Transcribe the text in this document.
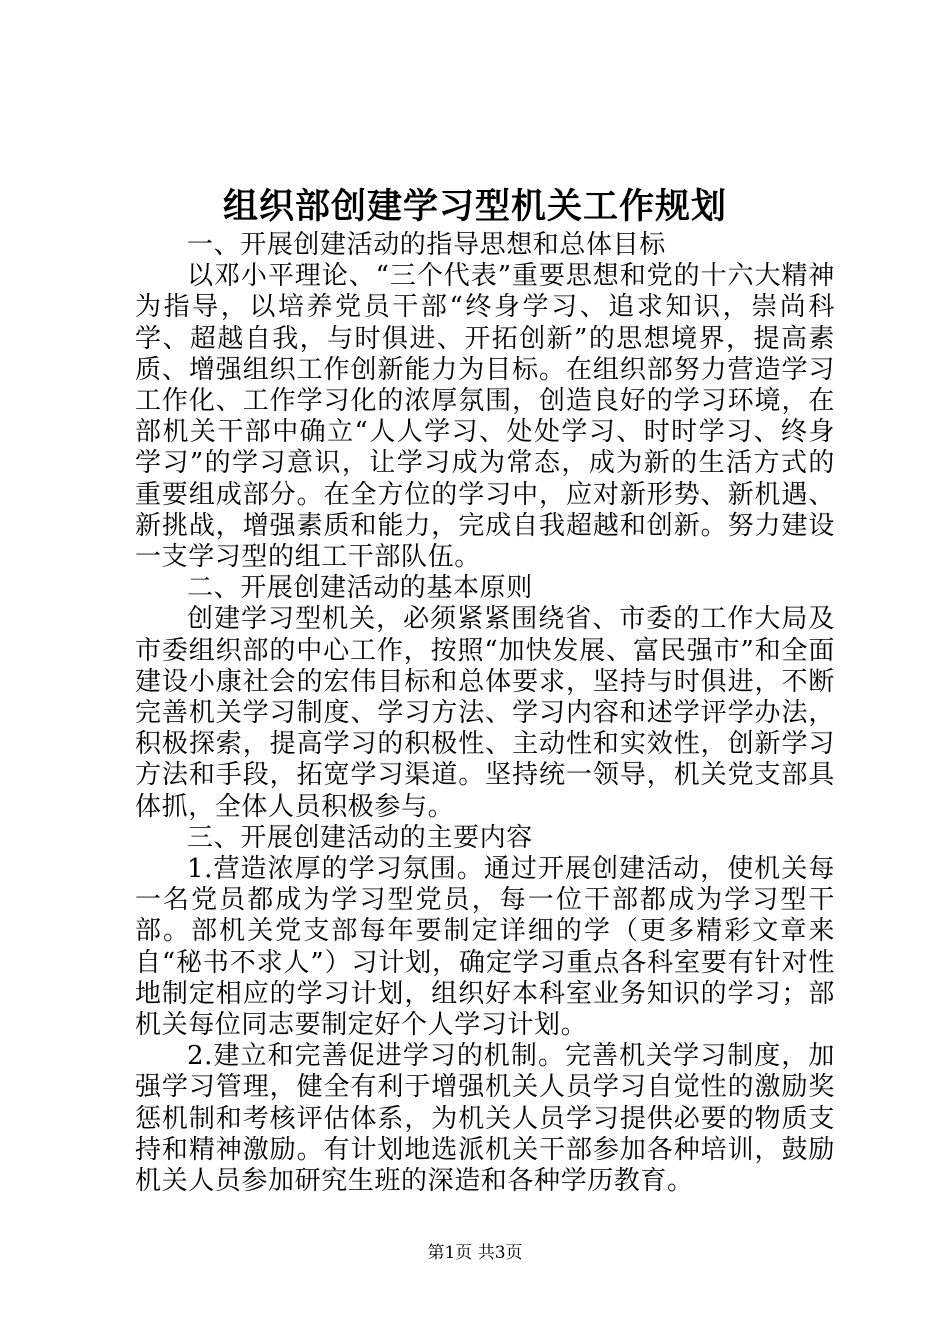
组织部创建学习型机关工作规划

一、开展创建活动的指导思想和总体目标

以邓小平理论、“三个代表”重要思想和党的十六大精神为指导，以培养党员干部“终身学习、追求知识，崇尚科学、超越自我，与时俱进、开拓创新”的思想境界，提高素质、增强组织工作创新能力为目标。在组织部努力营造学习工作化、工作学习化的浓厚氛围，创造良好的学习环境，在部机关干部中确立“人人学习、处处学习、时时学习、终身学习”的学习意识，让学习成为常态，成为新的生活方式的重要组成部分。在全方位的学习中，应对新形势、新机遇、新挑战，增强素质和能力，完成自我超越和创新。努力建设一支学习型的组工干部队伍。

二、开展创建活动的基本原则

创建学习型机关，必须紧紧围绕省、市委的工作大局及市委组织部的中心工作，按照“加快发展、富民强市”和全面建设小康社会的宏伟目标和总体要求，坚持与时俱进，不断完善机关学习制度、学习方法、学习内容和述学评学办法，积极探索，提高学习的积极性、主动性和实效性，创新学习方法和手段，拓宽学习渠道。坚持统一领导，机关党支部具体抓，全体人员积极参与。

三、开展创建活动的主要内容

1.营造浓厚的学习氛围。通过开展创建活动，使机关每一名党员都成为学习型党员，每一位干部都成为学习型干部。部机关党支部每年要制定详细的学（更多精彩文章来自“秘书不求人”）习计划，确定学习重点各科室要有针对性地制定相应的学习计划，组织好本科室业务知识的学习；部机关每位同志要制定好个人学习计划。

2.建立和完善促进学习的机制。完善机关学习制度，加强学习管理，健全有利于增强机关人员学习自觉性的激励奖惩机制和考核评估体系，为机关人员学习提供必要的物质支持和精神激励。有计划地选派机关干部参加各种培训，鼓励机关人员参加研究生班的深造和各种学历教育。

第1页 共3页
